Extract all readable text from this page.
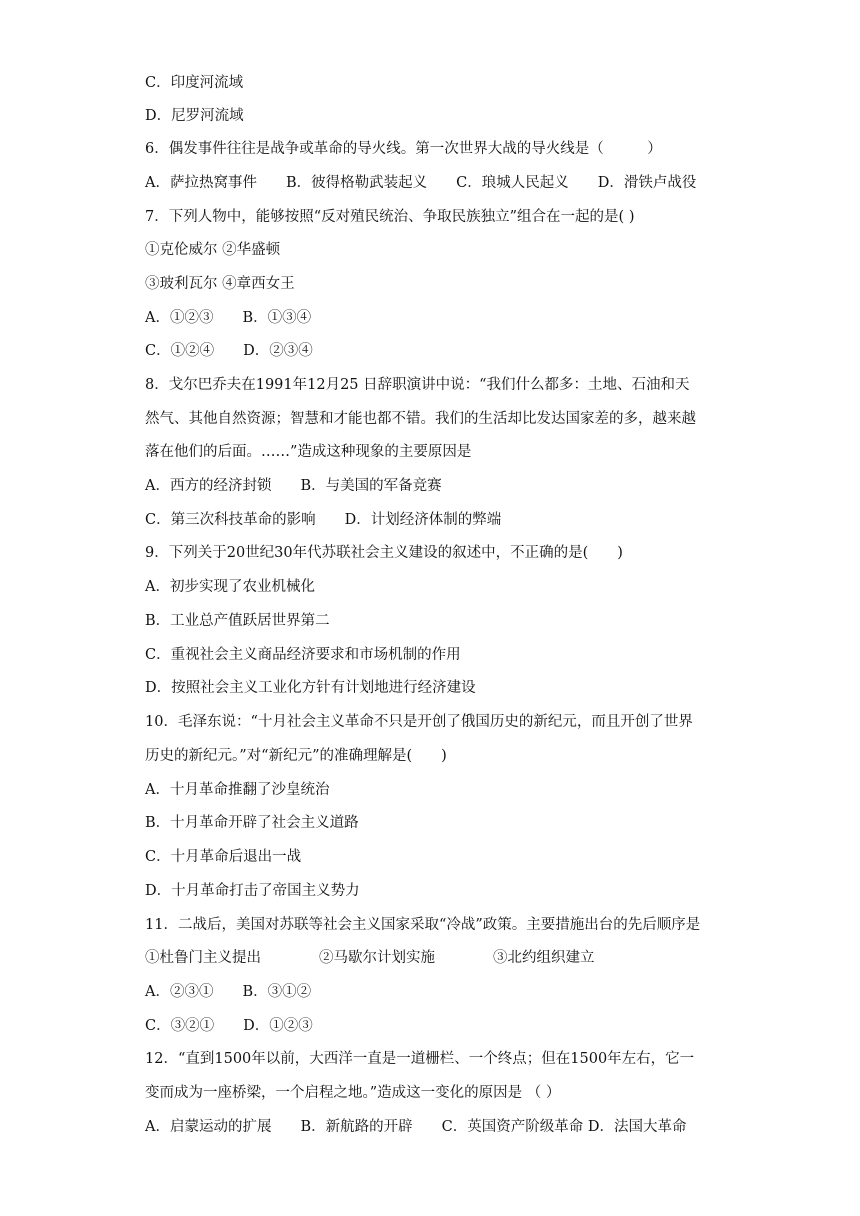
C．印度河流域
D．尼罗河流域
6．偶发事件往往是战争或革命的导火线。第一次世界大战的导火线是（　　　）
A．萨拉热窝事件　　B．彼得格勒武装起义　　C．琅城人民起义　　D．滑铁卢战役
7．下列人物中，能够按照“反对殖民统治、争取民族独立”组合在一起的是( )
①克伦威尔 ②华盛顿
③玻利瓦尔 ④章西女王
A．①②③　　B．①③④
C．①②④　　D．②③④
8．戈尔巴乔夫在1991年12月25 日辞职演讲中说：“我们什么都多：土地、石油和天
然气、其他自然资源；智慧和才能也都不错。我们的生活却比发达国家差的多，越来越
落在他们的后面。……”造成这种现象的主要原因是
A．西方的经济封锁　　B．与美国的军备竞赛
C．第三次科技革命的影响　　D．计划经济体制的弊端
9．下列关于20世纪30年代苏联社会主义建设的叙述中，不正确的是(　　)
A．初步实现了农业机械化
B．工业总产值跃居世界第二
C．重视社会主义商品经济要求和市场机制的作用
D．按照社会主义工业化方针有计划地进行经济建设
10．毛泽东说：“十月社会主义革命不只是开创了俄国历史的新纪元，而且开创了世界
历史的新纪元。”对“新纪元”的准确理解是(　　)
A．十月革命推翻了沙皇统治
B．十月革命开辟了社会主义道路
C．十月革命后退出一战
D．十月革命打击了帝国主义势力
11．二战后，美国对苏联等社会主义国家采取“冷战”政策。主要措施出台的先后顺序是
①杜鲁门主义提出　　　　②马歇尔计划实施　　　　③北约组织建立
A．②③①　　B．③①②
C．③②①　　D．①②③
12．“直到1500年以前，大西洋一直是一道栅栏、一个终点；但在1500年左右，它一
变而成为一座桥梁，一个启程之地。”造成这一变化的原因是 （ ）
A．启蒙运动的扩展　　B．新航路的开辟　　C．英国资产阶级革命 D．法国大革命
